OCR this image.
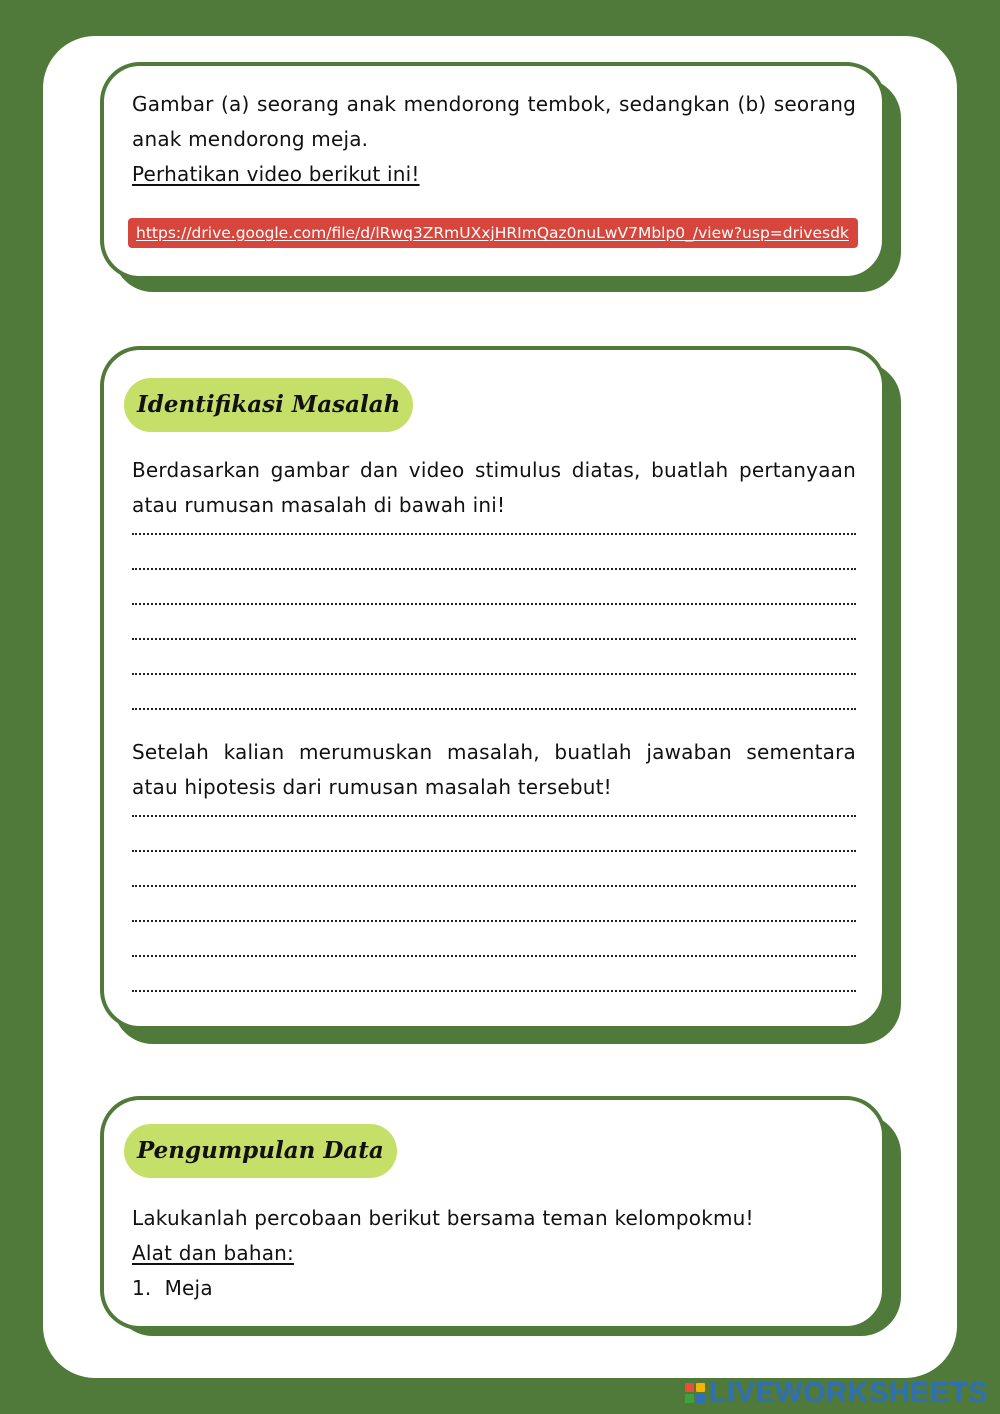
Gambar (a) seorang anak mendorong tembok, sedangkan (b) seorang anak mendorong meja.
Perhatikan video berikut ini!
https://drive.google.com/file/d/lRwq3ZRmUXxjHRImQaz0nuLwV7Mblp0_/view?usp=drivesdk
Identifikasi Masalah
Berdasarkan gambar dan video stimulus diatas, buatlah pertanyaan atau rumusan masalah di bawah ini!
Setelah kalian merumuskan masalah, buatlah jawaban sementara atau hipotesis dari rumusan masalah tersebut!
Pengumpulan Data
Lakukanlah percobaan berikut bersama teman kelompokmu!
Alat dan bahan:
1.  Meja
LIVEWORKSHEETS
